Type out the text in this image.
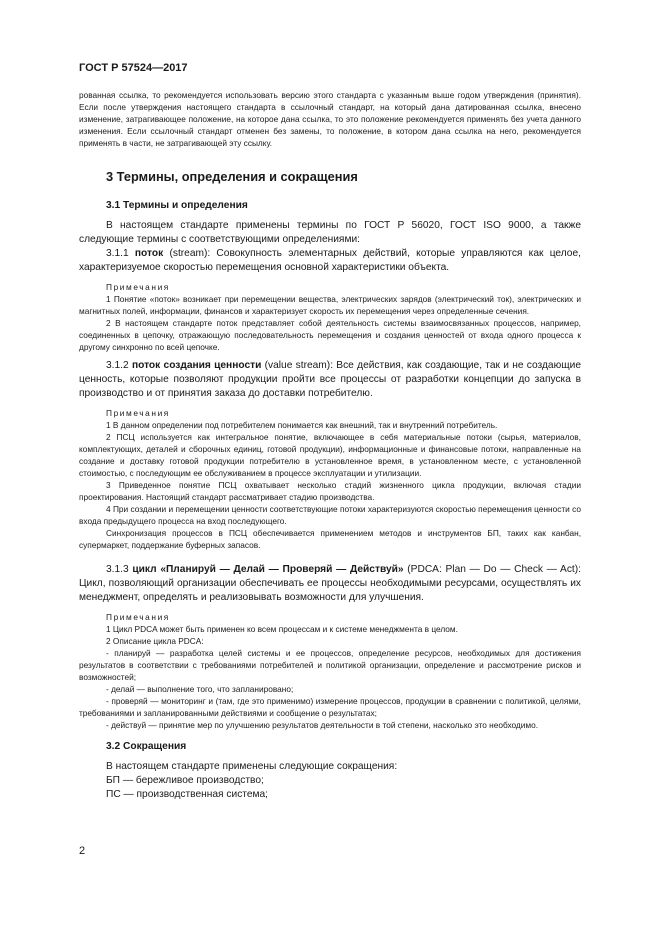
ГОСТ Р 57524—2017

рованная ссылка, то рекомендуется использовать версию этого стандарта с указанным выше годом утверждения (принятия). Если после утверждения настоящего стандарта в ссылочный стандарт, на который дана датированная ссылка, внесено изменение, затрагивающее положение, на которое дана ссылка, то это положение рекомендуется применять без учета данного изменения. Если ссылочный стандарт отменен без замены, то положение, в котором дана ссылка на него, рекомендуется применять в части, не затрагивающей эту ссылку.

3 Термины, определения и сокращения
3.1 Термины и определения

В настоящем стандарте применены термины по ГОСТ Р 56020, ГОСТ ISO 9000, а также следующие термины с соответствующими определениями:

3.1.1 поток (stream): Совокупность элементарных действий, которые управляются как целое, характеризуемое скоростью перемещения основной характеристики объекта.

Примечания

1 Понятие «поток» возникает при перемещении вещества, электрических зарядов (электрический ток), электрических и магнитных полей, информации, финансов и характеризует скорость их перемещения через определенные сечения.

2 В настоящем стандарте поток представляет собой деятельность системы взаимосвязанных процессов, например, соединенных в цепочку, отражающую последовательность перемещения и создания ценностей от входа одного процесса к другому синхронно по всей цепочке.

3.1.2 поток создания ценности (value stream): Все действия, как создающие, так и не создающие ценность, которые позволяют продукции пройти все процессы от разработки концепции до запуска в производство и от принятия заказа до доставки потребителю.

Примечания

1 В данном определении под потребителем понимается как внешний, так и внутренний потребитель.

2 ПСЦ используется как интегральное понятие, включающее в себя материальные потоки (сырья, материалов, комплектующих, деталей и сборочных единиц, готовой продукции), информационные и финансовые потоки, направленные на создание и доставку готовой продукции потребителю в установленное время, в установленном месте, с установленной стоимостью, с последующим ее обслуживанием в процессе эксплуатации и утилизации.

3 Приведенное понятие ПСЦ охватывает несколько стадий жизненного цикла продукции, включая стадии проектирования. Настоящий стандарт рассматривает стадию производства.

4 При создании и перемещении ценности соответствующие потоки характеризуются скоростью перемещения ценности со входа предыдущего процесса на вход последующего.

Синхронизация процессов в ПСЦ обеспечивается применением методов и инструментов БП, таких как канбан, супермаркет, поддержание буферных запасов.

3.1.3 цикл «Планируй — Делай — Проверяй — Действуй» (PDCA: Plan — Do — Check — Act): Цикл, позволяющий организации обеспечивать ее процессы необходимыми ресурсами, осуществлять их менеджмент, определять и реализовывать возможности для улучшения.

Примечания

1 Цикл PDCA может быть применен ко всем процессам и к системе менеджмента в целом.

2 Описание цикла PDCA:

- планируй — разработка целей системы и ее процессов, определение ресурсов, необходимых для достижения результатов в соответствии с требованиями потребителей и политикой организации, определение и рассмотрение рисков и возможностей;

- делай — выполнение того, что запланировано;

- проверяй — мониторинг и (там, где это применимо) измерение процессов, продукции в сравнении с политикой, целями, требованиями и запланированными действиями и сообщение о результатах;

- действуй — принятие мер по улучшению результатов деятельности в той степени, насколько это необходимо.

3.2 Сокращения

В настоящем стандарте применены следующие сокращения:

БП — бережливое производство;

ПС — производственная система;

2
